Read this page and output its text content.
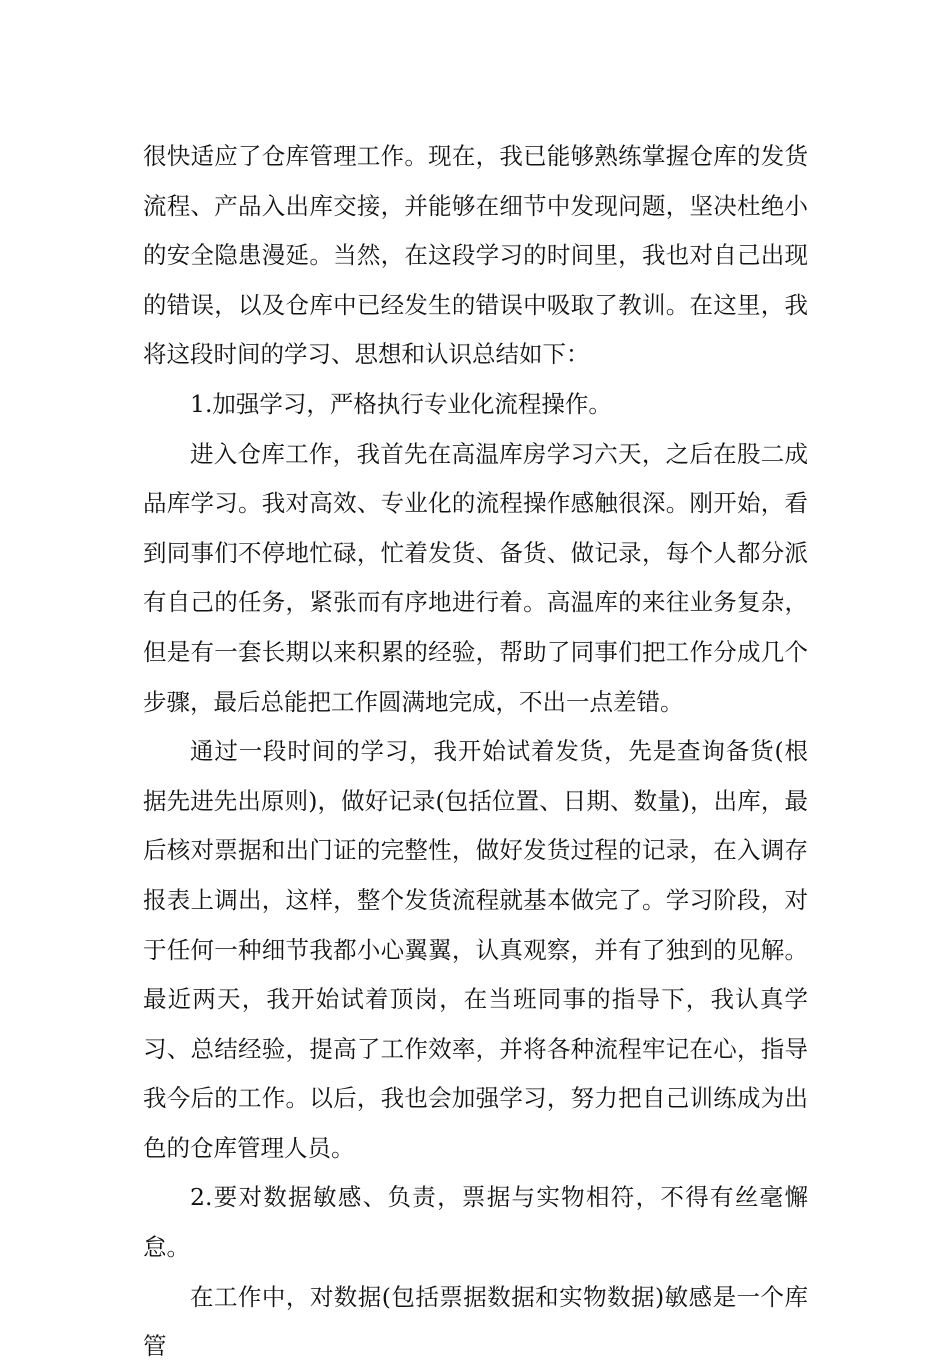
很快适应了仓库管理工作。现在，我已能够熟练掌握仓库的发货流程、产品入出库交接，并能够在细节中发现问题，坚决杜绝小的安全隐患漫延。当然，在这段学习的时间里，我也对自己出现的错误，以及仓库中已经发生的错误中吸取了教训。在这里，我将这段时间的学习、思想和认识总结如下：

1.加强学习，严格执行专业化流程操作。

进入仓库工作，我首先在高温库房学习六天，之后在股二成品库学习。我对高效、专业化的流程操作感触很深。刚开始，看到同事们不停地忙碌，忙着发货、备货、做记录，每个人都分派有自己的任务，紧张而有序地进行着。高温库的来往业务复杂，但是有一套长期以来积累的经验，帮助了同事们把工作分成几个步骤，最后总能把工作圆满地完成，不出一点差错。

通过一段时间的学习，我开始试着发货，先是查询备货(根据先进先出原则)，做好记录(包括位置、日期、数量)，出库，最后核对票据和出门证的完整性，做好发货过程的记录，在入调存报表上调出，这样，整个发货流程就基本做完了。学习阶段，对于任何一种细节我都小心翼翼，认真观察，并有了独到的见解。最近两天，我开始试着顶岗，在当班同事的指导下，我认真学习、总结经验，提高了工作效率，并将各种流程牢记在心，指导我今后的工作。以后，我也会加强学习，努力把自己训练成为出色的仓库管理人员。

2.要对数据敏感、负责，票据与实物相符，不得有丝毫懈怠。

在工作中，对数据(包括票据数据和实物数据)敏感是一个库管
